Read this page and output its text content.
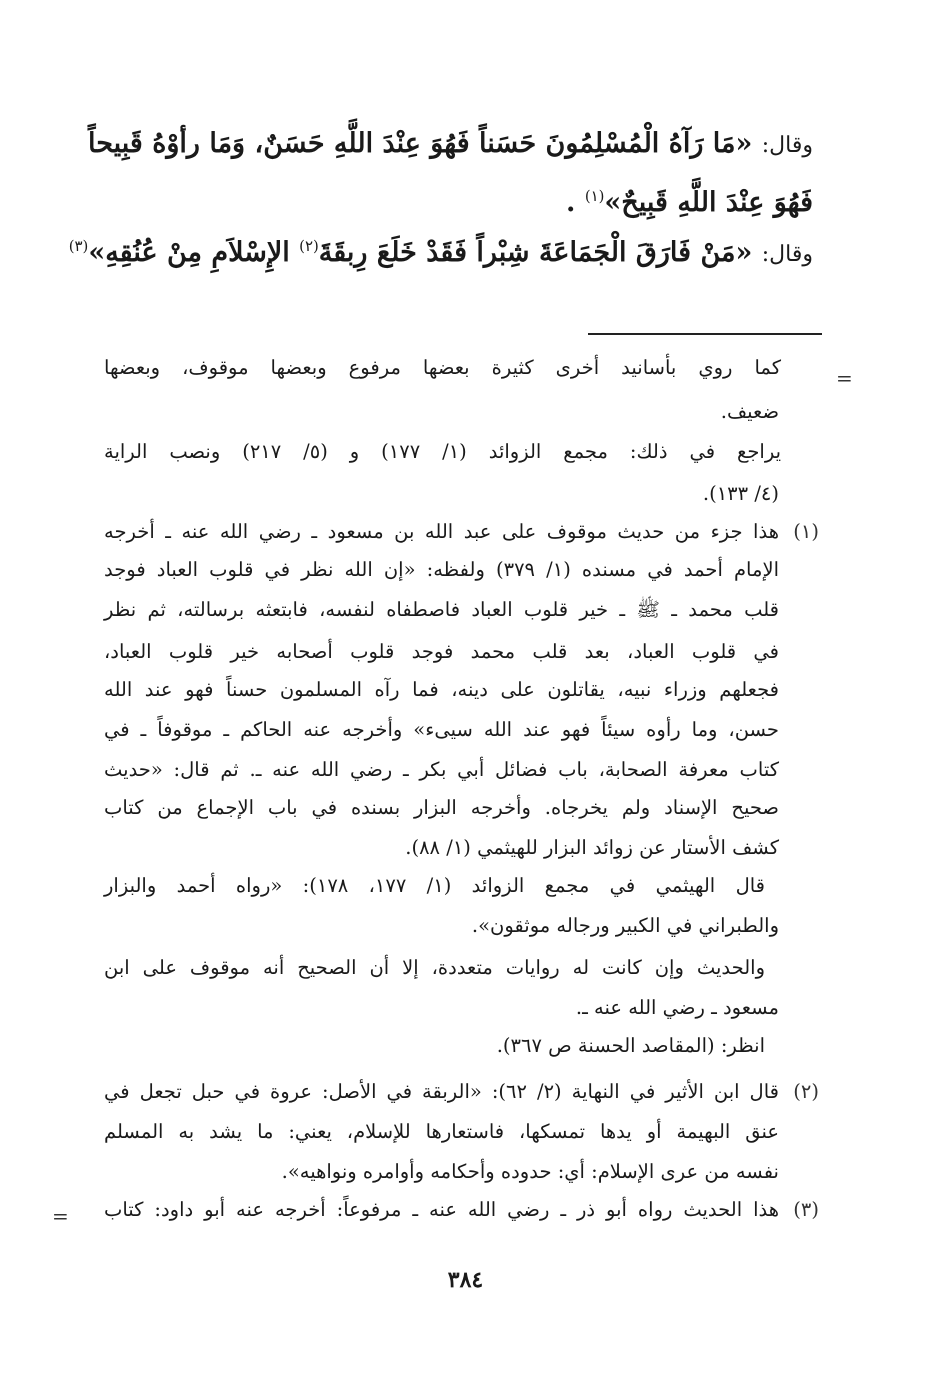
وقال: «مَا رَآهُ الْمُسْلِمُونَ حَسَناً فَهُوَ عِنْدَ اللَّهِ حَسَنٌ، وَمَا رأوْهُ قَبِيحاً
فَهُوَ عِنْدَ اللَّهِ قَبِيحٌ»$^{(١)}$ .
وقال: «مَنْ فَارَقَ الْجَمَاعَةَ شِبْراً فَقَدْ خَلَعَ رِبقَةَ$^{(٢)}$ الإِسْلاَمِ مِنْ عُنُقِهِ»$^{(٣)}$
=
كما روي بأسانيد أخرى كثيرة بعضها مرفوع وبعضها موقوف، وبعضها
ضعيف.
يراجع في ذلك: مجمع الزوائد (١/ ١٧٧) و (٥/ ٢١٧) ونصب الراية
(٤/ ١٣٣).
هذا جزء من حديث موقوف على عبد الله بن مسعود ـ رضي الله عنه ـ أخرجه (١)
الإمام أحمد في مسنده (١/ ٣٧٩) ولفظه: «إن الله نظر في قلوب العباد فوجد
قلب محمد ـ ﷺ ـ خير قلوب العباد فاصطفاه لنفسه، فابتعثه برسالته، ثم نظر
في قلوب العباد، بعد قلب محمد فوجد قلوب أصحابه خير قلوب العباد،
فجعلهم وزراء نبيه، يقاتلون على دينه، فما رآه المسلمون حسناً فهو عند الله
حسن، وما رأوه سيئاً فهو عند الله سيىء» وأخرجه عنه الحاكم ـ موقوفاً ـ في
كتاب معرفة الصحابة، باب فضائل أبي بكر ـ رضي الله عنه ـ. ثم قال: «حديث
صحيح الإسناد ولم يخرجاه. وأخرجه البزار بسنده في باب الإجماع من كتاب
كشف الأستار عن زوائد البزار للهيثمي (١/ ٨٨).
قال الهيثمي في مجمع الزوائد (١/ ١٧٧، ١٧٨): «رواه أحمد والبزار
والطبراني في الكبير ورجاله موثقون».
والحديث وإن كانت له روايات متعددة، إلا أن الصحيح أنه موقوف على ابن
مسعود ـ رضي الله عنه ـ.
انظر: (المقاصد الحسنة ص ٣٦٧).
(٢)
قال ابن الأثير في النهاية (٢/ ٦٢): «الربقة في الأصل: عروة في حبل تجعل في
عنق البهيمة أو يدها تمسكها، فاستعارها للإسلام، يعني: ما يشد به المسلم
نفسه من عرى الإسلام: أي: حدوده وأحكامه وأوامره ونواهيه».
(٣)
هذا الحديث رواه أبو ذر ـ رضي الله عنه ـ مرفوعاً: أخرجه عنه أبو داود: كتاب
=
٣٨٤
